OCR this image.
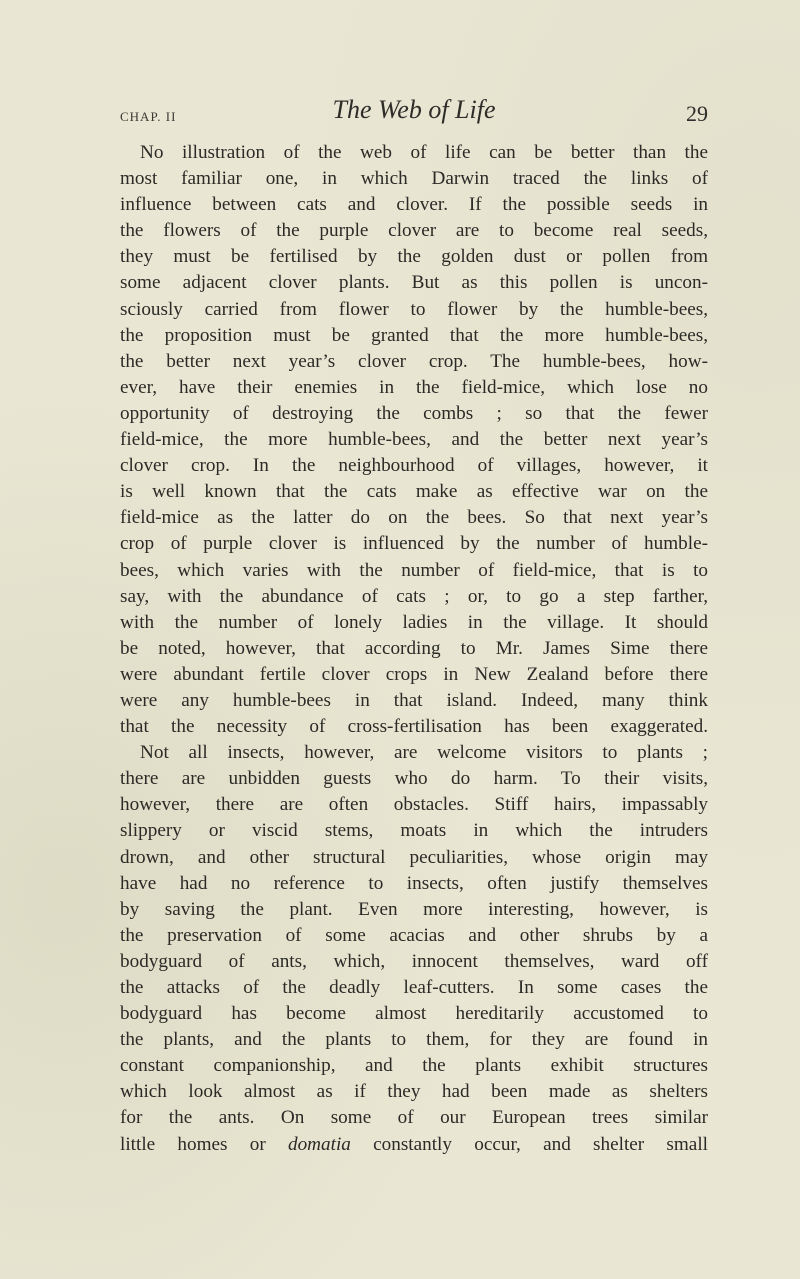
CHAP. II	The Web of Life	29
No illustration of the web of life can be better than the
most familiar one, in which Darwin traced the links of
influence between cats and clover. If the possible seeds in
the flowers of the purple clover are to become real seeds,
they must be fertilised by the golden dust or pollen from
some adjacent clover plants. But as this pollen is uncon-
sciously carried from flower to flower by the humble-bees,
the proposition must be granted that the more humble-bees,
the better next year’s clover crop. The humble-bees, how-
ever, have their enemies in the field-mice, which lose no
opportunity of destroying the combs ; so that the fewer
field-mice, the more humble-bees, and the better next year’s
clover crop. In the neighbourhood of villages, however, it
is well known that the cats make as effective war on the
field-mice as the latter do on the bees. So that next year’s
crop of purple clover is influenced by the number of humble-
bees, which varies with the number of field-mice, that is to
say, with the abundance of cats ; or, to go a step farther,
with the number of lonely ladies in the village. It should
be noted, however, that according to Mr. James Sime there
were abundant fertile clover crops in New Zealand before there
were any humble-bees in that island. Indeed, many think
that the necessity of cross-fertilisation has been exaggerated.
Not all insects, however, are welcome visitors to plants ;
there are unbidden guests who do harm. To their visits,
however, there are often obstacles. Stiff hairs, impassably
slippery or viscid stems, moats in which the intruders
drown, and other structural peculiarities, whose origin may
have had no reference to insects, often justify themselves
by saving the plant. Even more interesting, however, is
the preservation of some acacias and other shrubs by a
bodyguard of ants, which, innocent themselves, ward off
the attacks of the deadly leaf-cutters. In some cases the
bodyguard has become almost hereditarily accustomed to
the plants, and the plants to them, for they are found in
constant companionship, and the plants exhibit structures
which look almost as if they had been made as shelters
for the ants. On some of our European trees similar
little homes or domatia constantly occur, and shelter small
